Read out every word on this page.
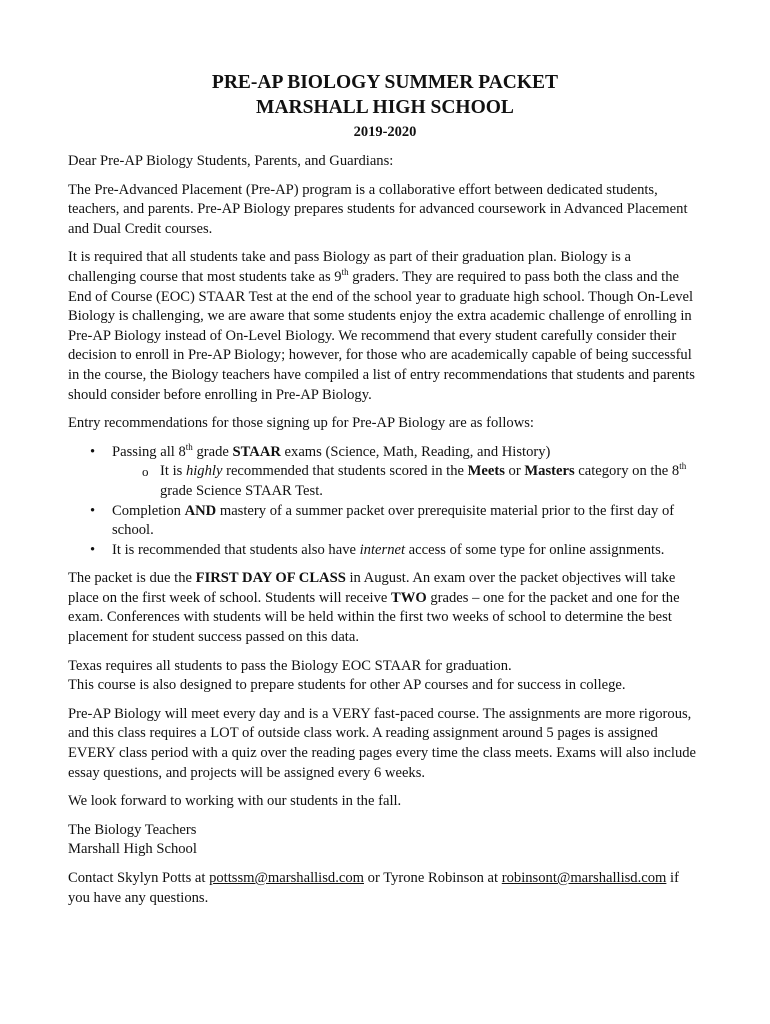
PRE-AP BIOLOGY SUMMER PACKET
MARSHALL HIGH SCHOOL
2019-2020

Dear Pre-AP Biology Students, Parents, and Guardians:

The Pre-Advanced Placement (Pre-AP) program is a collaborative effort between dedicated students, teachers, and parents. Pre-AP Biology prepares students for advanced coursework in Advanced Placement and Dual Credit courses.

It is required that all students take and pass Biology as part of their graduation plan. Biology is a challenging course that most students take as 9th graders. They are required to pass both the class and the End of Course (EOC) STAAR Test at the end of the school year to graduate high school. Though On-Level Biology is challenging, we are aware that some students enjoy the extra academic challenge of enrolling in Pre-AP Biology instead of On-Level Biology. We recommend that every student carefully consider their decision to enroll in Pre-AP Biology; however, for those who are academically capable of being successful in the course, the Biology teachers have compiled a list of entry recommendations that students and parents should consider before enrolling in Pre-AP Biology.

Entry recommendations for those signing up for Pre-AP Biology are as follows:

• Passing all 8th grade STAAR exams (Science, Math, Reading, and History)
o It is highly recommended that students scored in the Meets or Masters category on the 8th grade Science STAAR Test.
• Completion AND mastery of a summer packet over prerequisite material prior to the first day of school.
• It is recommended that students also have internet access of some type for online assignments.

The packet is due the FIRST DAY OF CLASS in August. An exam over the packet objectives will take place on the first week of school. Students will receive TWO grades – one for the packet and one for the exam. Conferences with students will be held within the first two weeks of school to determine the best placement for student success passed on this data.

Texas requires all students to pass the Biology EOC STAAR for graduation.
This course is also designed to prepare students for other AP courses and for success in college.

Pre-AP Biology will meet every day and is a VERY fast-paced course. The assignments are more rigorous, and this class requires a LOT of outside class work. A reading assignment around 5 pages is assigned EVERY class period with a quiz over the reading pages every time the class meets. Exams will also include essay questions, and projects will be assigned every 6 weeks.

We look forward to working with our students in the fall.

The Biology Teachers
Marshall High School

Contact Skylyn Potts at pottssm@marshallisd.com or Tyrone Robinson at robinsont@marshallisd.com if you have any questions.
